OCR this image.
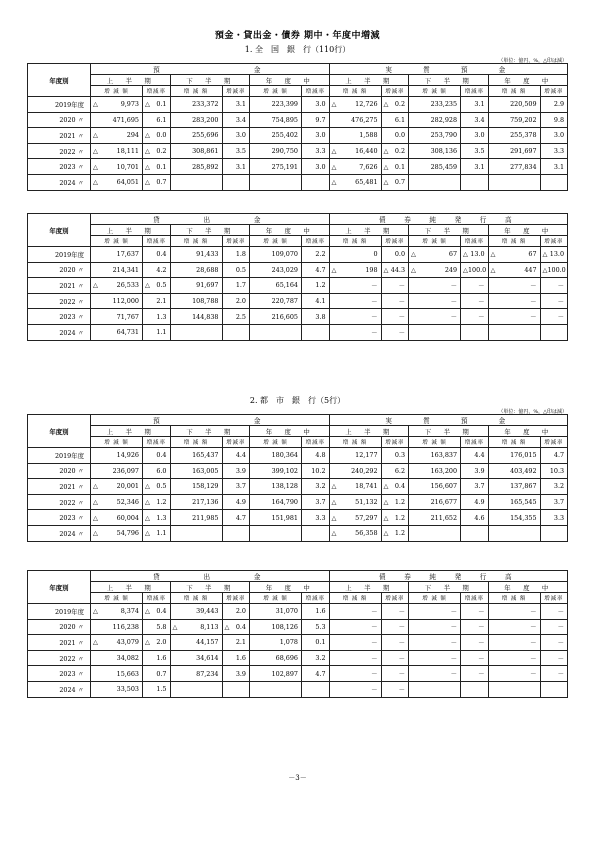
預金・貸出金・債券 期中・年度中増減
1. 全　国　銀　行（110行）
（単位：億円，%，△印は減）
年度別	預　　　　　　　金						実　　質　　預　　金					
	上　半　期		下　半　期		年　度　中		上　半　期		下　半　期		年　度　中	
	増 減 額	増減率	増 減 額	増減率	増 減 額	増減率	増 減 額	増減率	増 減 額	増減率	増 減 額	増減率
2019年度	△ 9,973	△ 0.1	233,372	3.1	223,399	3.0	△ 12,726	△ 0.2	233,235	3.1	220,509	2.9
2020 〃	471,695	6.1	283,200	3.4	754,895	9.7	476,275	6.1	282,928	3.4	759,202	9.8
2021 〃	△ 294	△ 0.0	255,696	3.0	255,402	3.0	1,588	0.0	253,790	3.0	255,378	3.0
2022 〃	△ 18,111	△ 0.2	308,861	3.5	290,750	3.3	△ 16,440	△ 0.2	308,136	3.5	291,697	3.3
2023 〃	△ 10,701	△ 0.1	285,892	3.1	275,191	3.0	△ 7,626	△ 0.1	285,459	3.1	277,834	3.1
2024 〃	△ 64,051	△ 0.7					△ 65,481	△ 0.7	

年度別	貸　　　出　　　金						債　券　純　発　行　高					
	上　半　期		下　半　期		年　度　中		上　半　期		下　半　期		年　度　中	
	増 減 額	増減率	増 減 額	増減率	増 減 額	増減率	増 減 額	増減率	増 減 額	増減率	増 減 額	増減率
2019年度	17,637	0.4	91,433	1.8	109,070	2.2	0	0.0	△ 67	△ 13.0	△ 67	△ 13.0
2020 〃	214,341	4.2	28,688	0.5	243,029	4.7	△ 198	△ 44.3	△ 249	△ 100.0	△ 447	△ 100.0
2021 〃	△ 26,533	△ 0.5	91,697	1.7	65,164	1.2	－	－	－	－	－	－
2022 〃	112,000	2.1	108,788	2.0	220,787	4.1	－	－	－	－	－	－
2023 〃	71,767	1.3	144,838	2.5	216,605	3.8	－	－	－	－	－	－
2024 〃	64,731	1.1					－	－	

2. 都　市　銀　行（5行）
（単位：億円，%，△印は減）
年度別	預　　　　　　　金						実　　質　　預　　金					
	上　半　期		下　半　期		年　度　中		上　半　期		下　半　期		年　度　中	
	増 減 額	増減率	増 減 額	増減率	増 減 額	増減率	増 減 額	増減率	増 減 額	増減率	増 減 額	増減率
2019年度	14,926	0.4	165,437	4.4	180,364	4.8	12,177	0.3	163,837	4.4	176,015	4.7
2020 〃	236,097	6.0	163,005	3.9	399,102	10.2	240,292	6.2	163,200	3.9	403,492	10.3
2021 〃	△ 20,001	△ 0.5	158,129	3.7	138,128	3.2	△ 18,741	△ 0.4	156,607	3.7	137,867	3.2
2022 〃	△ 52,346	△ 1.2	217,136	4.9	164,790	3.7	△ 51,132	△ 1.2	216,677	4.9	165,545	3.7
2023 〃	△ 60,004	△ 1.3	211,985	4.7	151,981	3.3	△ 57,297	△ 1.2	211,652	4.6	154,355	3.3
2024 〃	△ 54,796	△ 1.1					△ 56,358	△ 1.2	

年度別	貸　　　出　　　金						債　券　純　発　行　高					
	上　半　期		下　半　期		年　度　中		上　半　期		下　半　期		年　度　中	
	増 減 額	増減率	増 減 額	増減率	増 減 額	増減率	増 減 額	増減率	増 減 額	増減率	増 減 額	増減率
2019年度	△ 8,374	△ 0.4	39,443	2.0	31,070	1.6	－	－	－	－	－	－
2020 〃	116,238	5.8	△ 8,113	△ 0.4	108,126	5.3	－	－	－	－	－	－
2021 〃	△ 43,079	△ 2.0	44,157	2.1	1,078	0.1	－	－	－	－	－	－
2022 〃	34,082	1.6	34,614	1.6	68,696	3.2	－	－	－	－	－	－
2023 〃	15,663	0.7	87,234	3.9	102,897	4.7	－	－	－	－	－	－
2024 〃	33,503	1.5					－	－	

－3－
